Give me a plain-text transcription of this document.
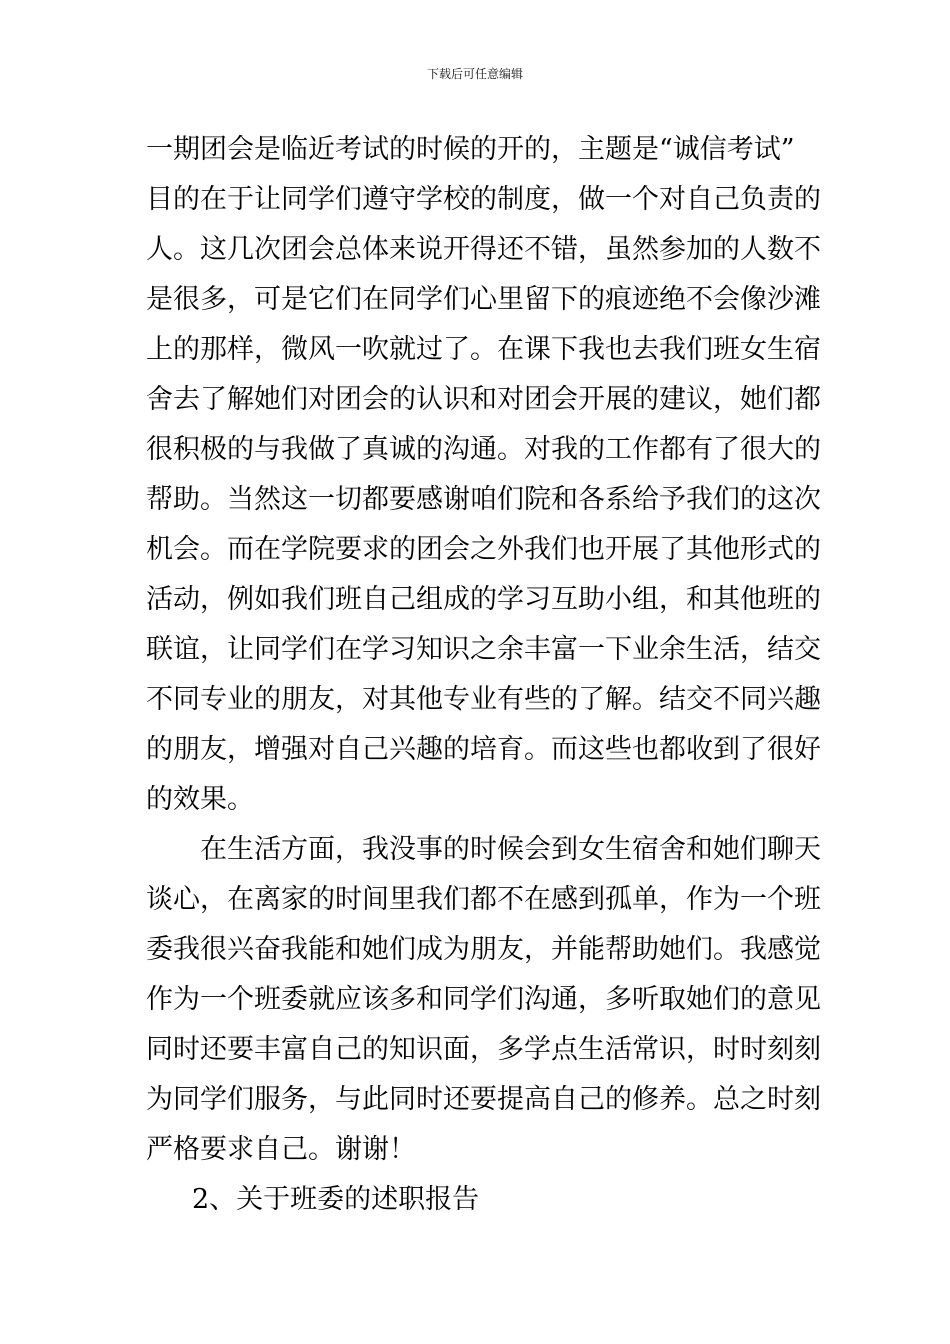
下载后可任意编辑

一期团会是临近考试的时候的开的，主题是“诚信考试”

目的在于让同学们遵守学校的制度，做一个对自己负责的

人。这几次团会总体来说开得还不错，虽然参加的人数不

是很多，可是它们在同学们心里留下的痕迹绝不会像沙滩

上的那样，微风一吹就过了。在课下我也去我们班女生宿

舍去了解她们对团会的认识和对团会开展的建议，她们都

很积极的与我做了真诚的沟通。对我的工作都有了很大的

帮助。当然这一切都要感谢咱们院和各系给予我们的这次

机会。而在学院要求的团会之外我们也开展了其他形式的

活动，例如我们班自己组成的学习互助小组，和其他班的

联谊，让同学们在学习知识之余丰富一下业余生活，结交

不同专业的朋友，对其他专业有些的了解。结交不同兴趣

的朋友，增强对自己兴趣的培育。而这些也都收到了很好

的效果。

在生活方面，我没事的时候会到女生宿舍和她们聊天

谈心，在离家的时间里我们都不在感到孤单，作为一个班

委我很兴奋我能和她们成为朋友，并能帮助她们。我感觉

作为一个班委就应该多和同学们沟通，多听取她们的意见

同时还要丰富自己的知识面，多学点生活常识，时时刻刻

为同学们服务，与此同时还要提高自己的修养。总之时刻

严格要求自己。谢谢！

2、关于班委的述职报告
